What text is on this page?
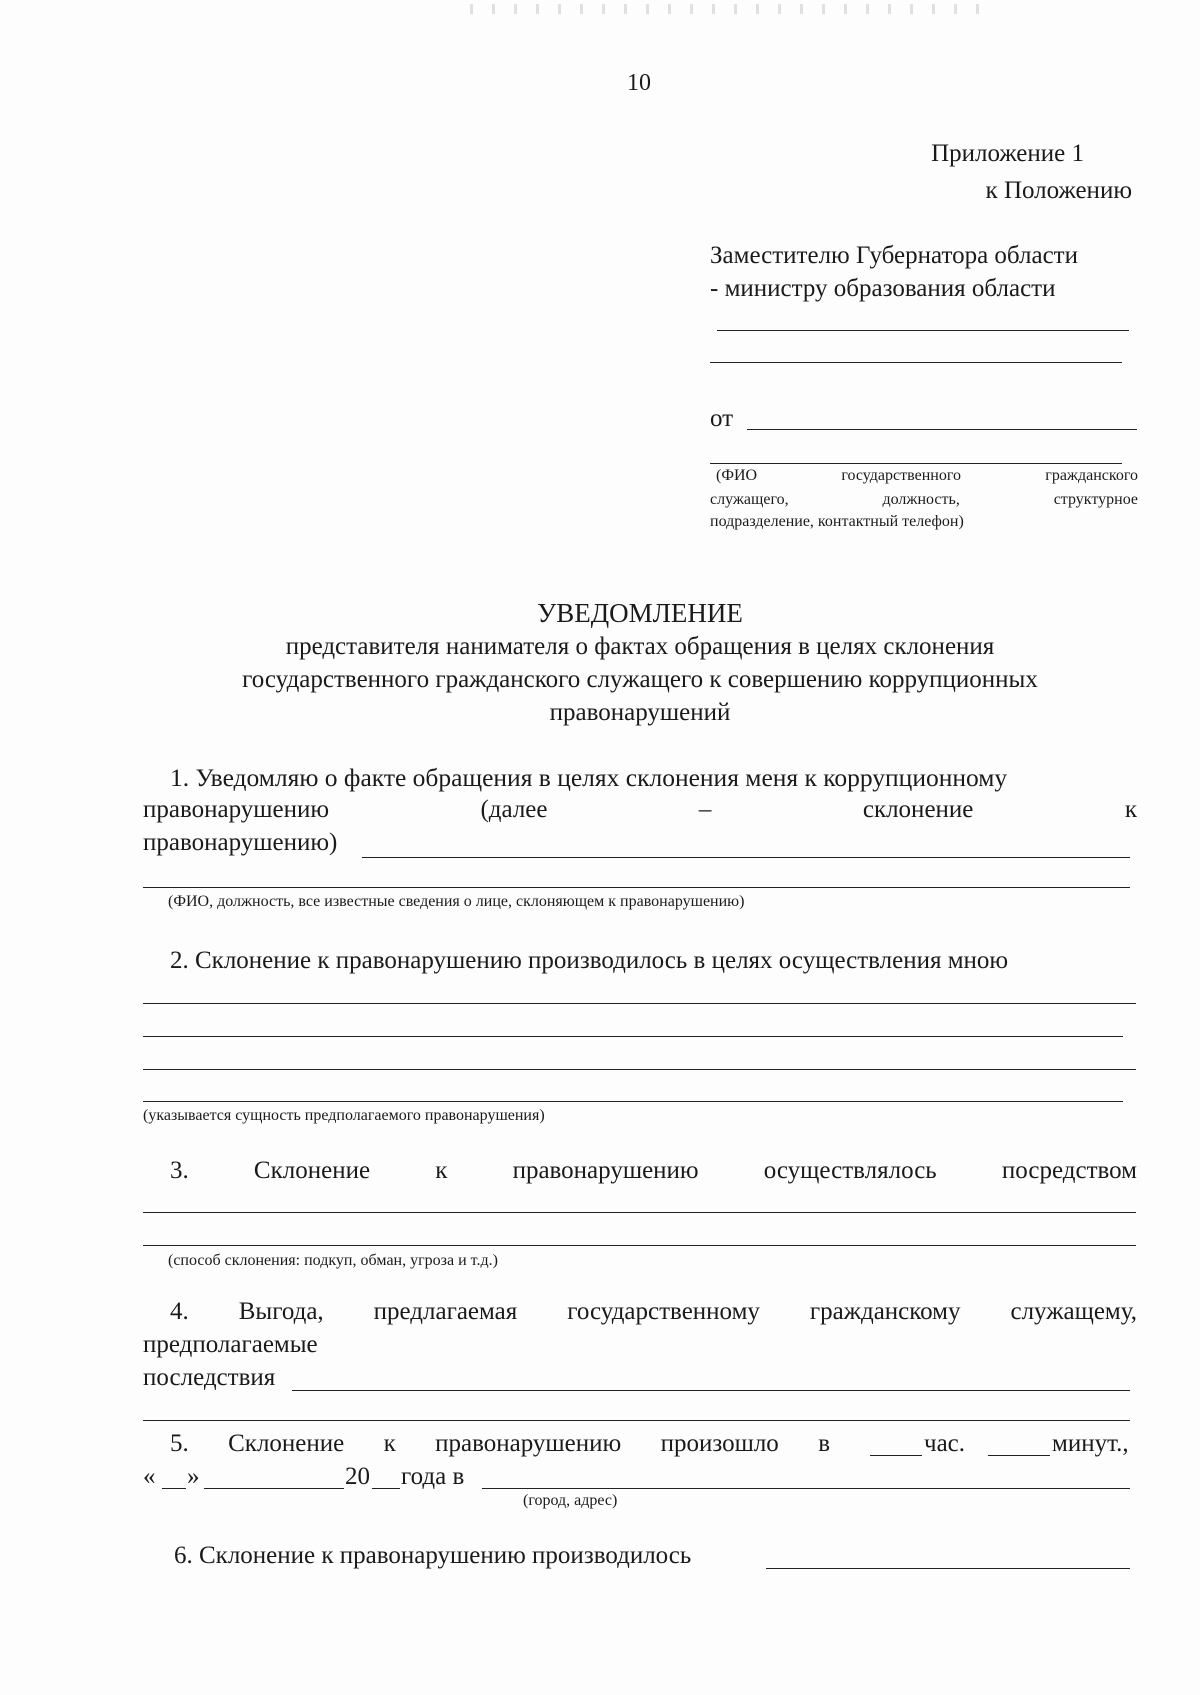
10
Приложение 1
к Положению
Заместителю Губернатора области
- министру образования области
от
(ФИО	государственного	гражданского
служащего,	должность,	структурное
подразделение, контактный телефон)
УВЕДОМЛЕНИЕ
представителя нанимателя о фактах обращения в целях склонения
государственного гражданского служащего к совершению коррупционных
правонарушений
1. Уведомляю о факте обращения в целях склонения меня к коррупционному
правонарушению	(далее	–	склонение	к
правонарушению)
(ФИО, должность, все известные сведения о лице, склоняющем к правонарушению)
2. Склонение к правонарушению производилось в целях осуществления мною
(указывается сущность предполагаемого правонарушения)
3.	Склонение	к	правонарушению	осуществлялось	посредством
(способ склонения: подкуп, обман, угроза и т.д.)
4. Выгода, предлагаемая государственному гражданскому служащему,
предполагаемые
последствия
5. Склонение к правонарушению произошло в	час.	минут.,
« »	20 года в
(город, адрес)
6. Склонение к правонарушению производилось
